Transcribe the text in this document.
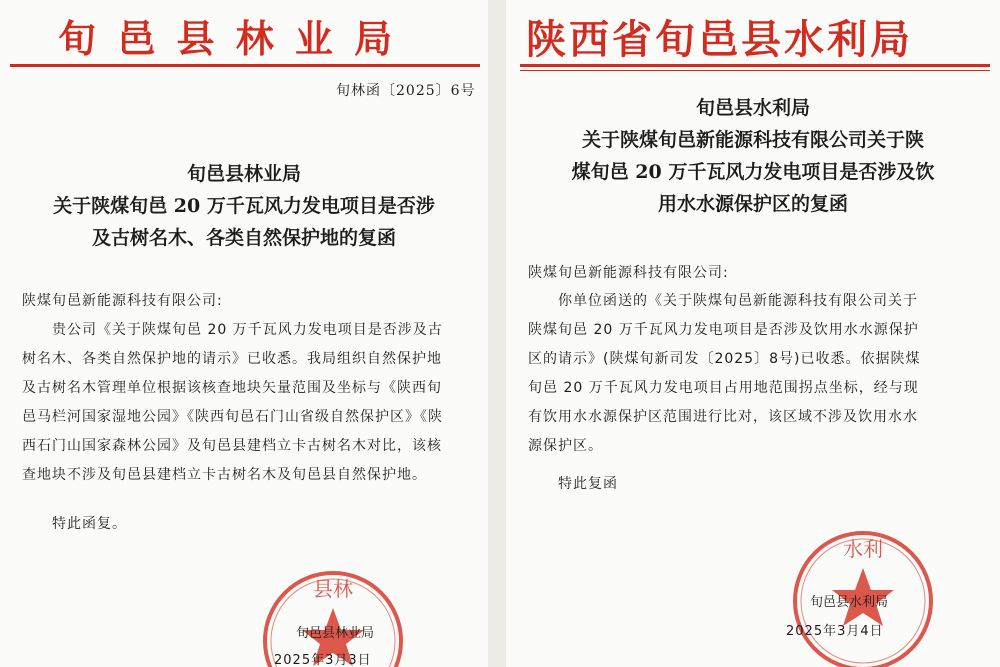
旬 邑 县 林 业 局
旬林函〔2025〕6号
旬邑县林业局
关于陕煤旬邑 20 万千瓦风力发电项目是否涉
及古树名木、各类自然保护地的复函
陕煤旬邑新能源科技有限公司:
贵公司《关于陕煤旬邑 20 万千瓦风力发电项目是否涉及古
树名木、各类自然保护地的请示》已收悉。我局组织自然保护地
及古树名木管理单位根据该核查地块矢量范围及坐标与《陕西旬
邑马栏河国家湿地公园》《陕西旬邑石门山省级自然保护区》《陕
西石门山国家森林公园》及旬邑县建档立卡古树名木对比，该核
查地块不涉及旬邑县建档立卡古树名木及旬邑县自然保护地。
特此函复。
县林
旬邑县林业局
2025年3月3日
陕西省旬邑县水利局
旬邑县水利局
关于陕煤旬邑新能源科技有限公司关于陕
煤旬邑 20 万千瓦风力发电项目是否涉及饮
用水水源保护区的复函
陕煤旬邑新能源科技有限公司:
你单位函送的《关于陕煤旬邑新能源科技有限公司关于
陕煤旬邑 20 万千瓦风力发电项目是否涉及饮用水水源保护
区的请示》(陕煤旬新司发〔2025〕8号)已收悉。依据陕煤
旬邑 20 万千瓦风力发电项目占用地范围拐点坐标，经与现
有饮用水水源保护区范围进行比对，该区域不涉及饮用水水
源保护区。
特此复函
水利
旬邑县水利局
2025年3月4日
